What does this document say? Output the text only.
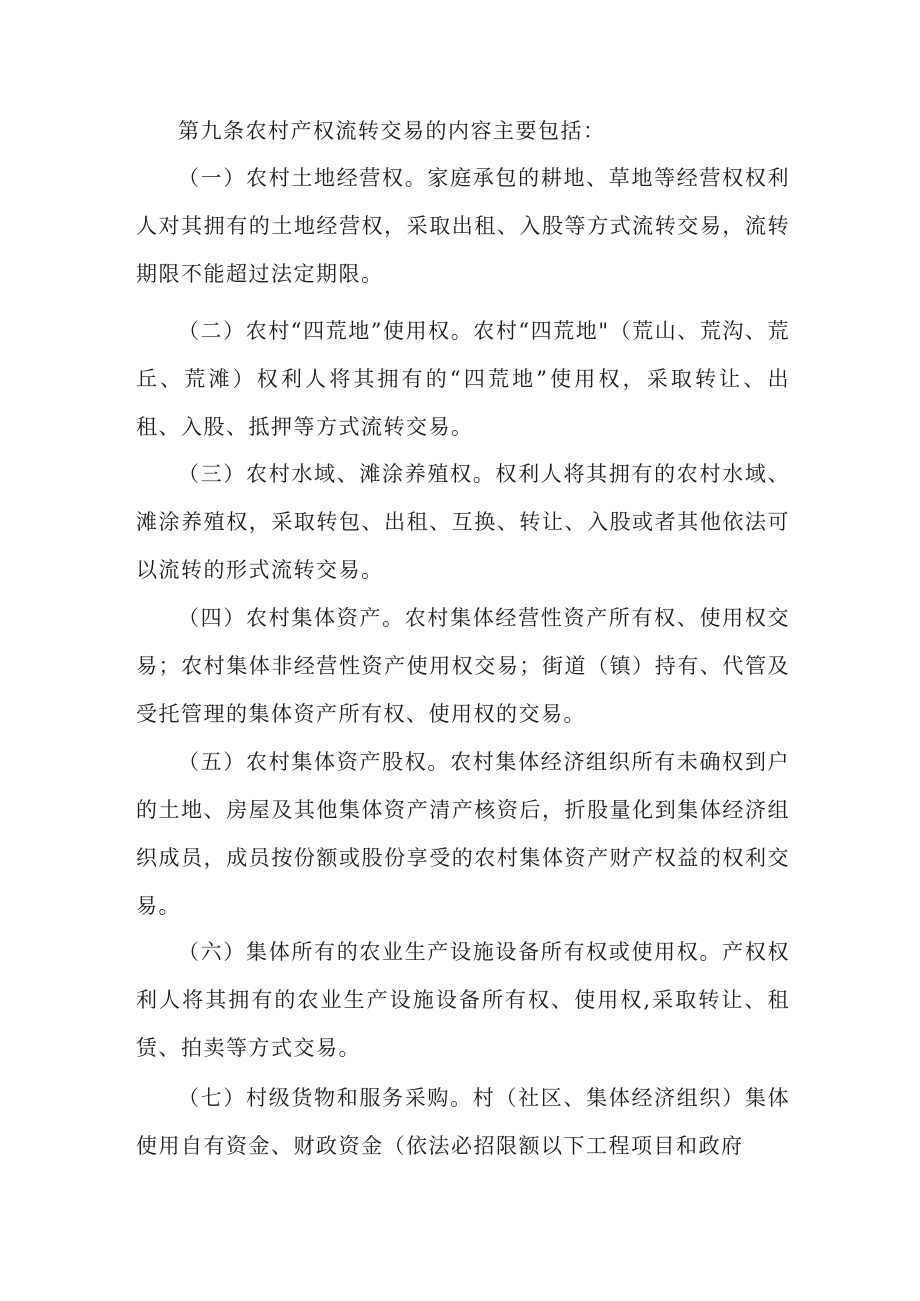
第九条农村产权流转交易的内容主要包括：

（一）农村土地经营权。家庭承包的耕地、草地等经营权权利人对其拥有的土地经营权，采取出租、入股等方式流转交易，流转期限不能超过法定期限。

（二）农村“四荒地”使用权。农村“四荒地"（荒山、荒沟、荒丘、荒滩）权利人将其拥有的“四荒地”使用权，采取转让、出租、入股、抵押等方式流转交易。

（三）农村水域、滩涂养殖权。权利人将其拥有的农村水域、滩涂养殖权，采取转包、出租、互换、转让、入股或者其他依法可以流转的形式流转交易。

（四）农村集体资产。农村集体经营性资产所有权、使用权交易；农村集体非经营性资产使用权交易；街道（镇）持有、代管及受托管理的集体资产所有权、使用权的交易。

（五）农村集体资产股权。农村集体经济组织所有未确权到户的土地、房屋及其他集体资产清产核资后，折股量化到集体经济组织成员，成员按份额或股份享受的农村集体资产财产权益的权利交易。

（六）集体所有的农业生产设施设备所有权或使用权。产权权利人将其拥有的农业生产设施设备所有权、使用权,采取转让、租赁、拍卖等方式交易。

（七）村级货物和服务采购。村（社区、集体经济组织）集体使用自有资金、财政资金（依法必招限额以下工程项目和政府
